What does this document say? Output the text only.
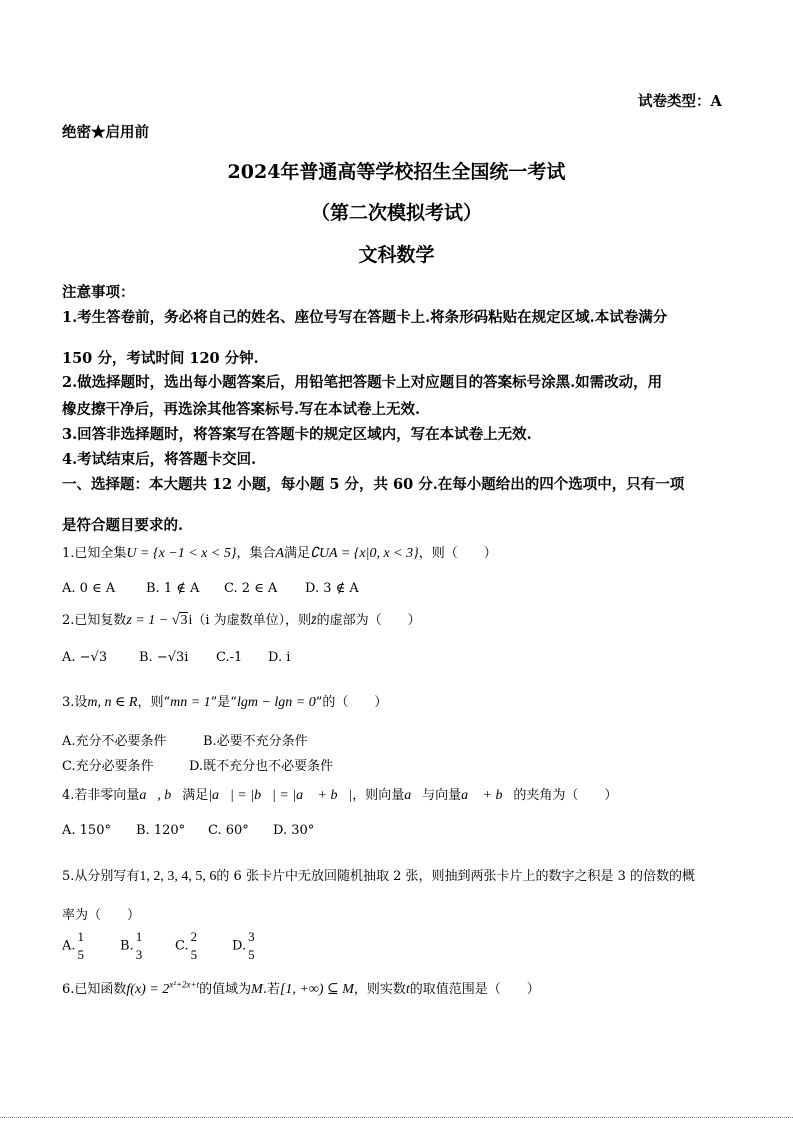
试卷类型：A
绝密★启用前
2024年普通高等学校招生全国统一考试
（第二次模拟考试）
文科数学
注意事项：
1.考生答卷前，务必将自己的姓名、座位号写在答题卡上.将条形码粘贴在规定区域.本试卷满分
150 分，考试时间 120 分钟.
2.做选择题时，选出每小题答案后，用铅笔把答题卡上对应题目的答案标号涂黑.如需改动，用
橡皮擦干净后，再选涂其他答案标号.写在本试卷上无效.
3.回答非选择题时，将答案写在答题卡的规定区域内，写在本试卷上无效.
4.考试结束后，将答题卡交回.
一、选择题：本大题共 12 小题，每小题 5 分，共 60 分.在每小题给出的四个选项中，只有一项
是符合题目要求的.
1.已知全集U = {x −1 < x < 5}，集合A满足∁UA = {x|0, x < 3}，则（　　）
A. 0 ∈ A B. 1 ∉ A C. 2 ∈ A D. 3 ∉ A
2.已知复数z = 1 − √3i（i 为虚数单位），则z̄的虚部为（　　）
A. −√3 B. −√3i C.-1 D. i
3.设m, n ∈ R，则“mn = 1”是“lgm − lgn = 0”的（　　）
A.充分不必要条件	B.必要不充分条件
C.充分必要条件	D.既不充分也不必要条件
4.若非零向量a⃗, b⃗满足|a⃗| = |b⃗| = |a⃗ + b⃗|，则向量a⃗与向量a⃗ + b⃗的夹角为（　　）
A. 150° B. 120° C. 60° D. 30°
5.从分别写有1, 2, 3, 4, 5, 6的 6 张卡片中无放回随机抽取 2 张，则抽到两张卡片上的数字之积是 3 的倍数的概
率为（　　）
A.
1
5
B.
1
3
C.
2
5
D.
3
5
6.已知函数$f(x) = 2^{x^2+2x+t}$的值域为M.若[1, +∞) ⊆ M，则实数t的取值范围是（　　）
